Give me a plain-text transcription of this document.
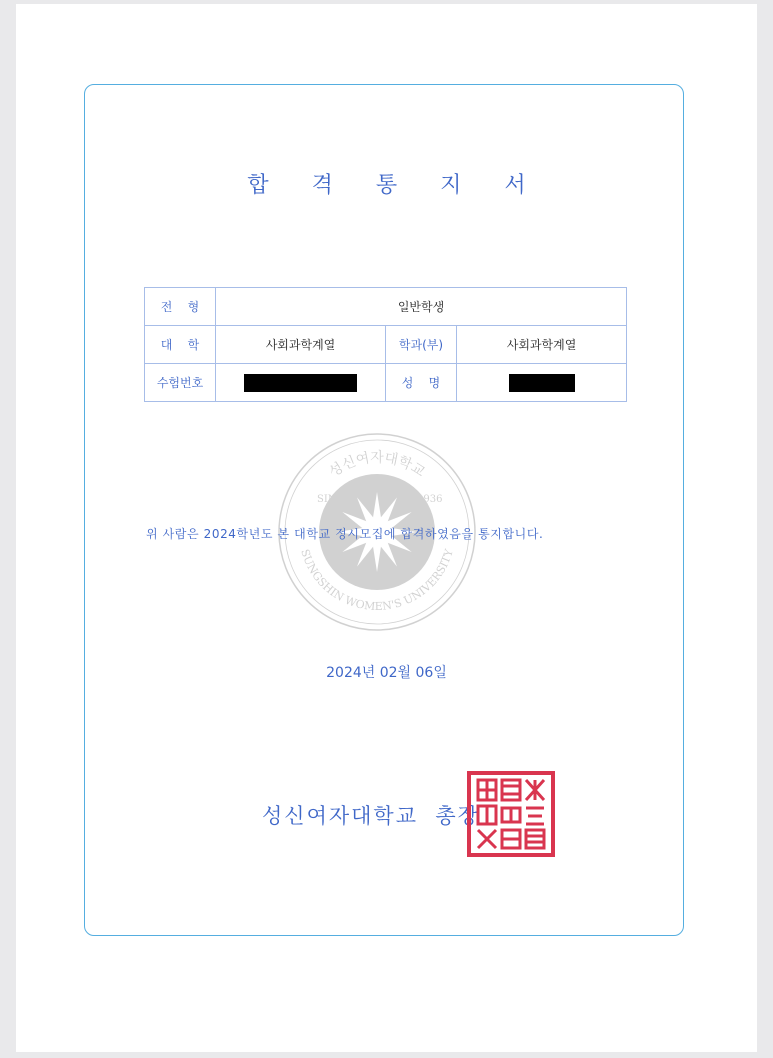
합 격 통 지 서
전    형	일반학생		
대    학	사회과학계열	학과(부)	사회과학계열
수험번호		성    명	
성신여자대학교
SINCE	1936
SUNGSHIN WOMEN'S UNIVERSITY
위 사람은 2024학년도 본 대학교 정시모집에 합격하였음을 통지합니다.
2024년 02월 06일
성신여자대학교  총장
